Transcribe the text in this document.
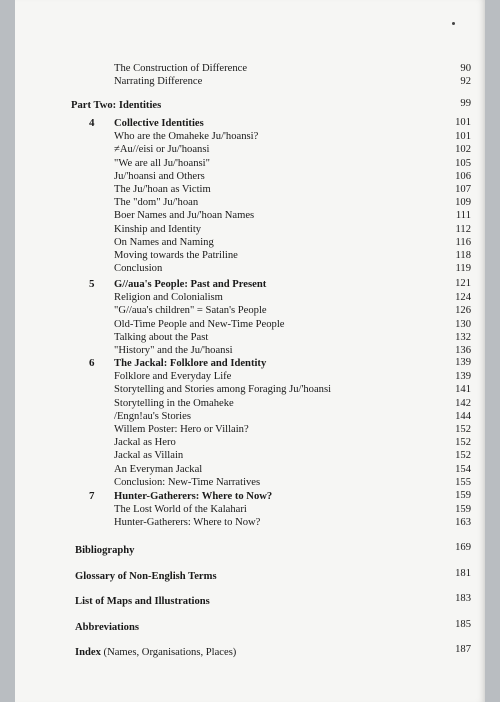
The Construction of Difference	90
Narrating Difference	92
Part Two: Identities	99
4 Collective Identities	101
Who are the Omaheke Ju/'hoansi?	101
≠Au//eisi or Ju/'hoansi	102
"We are all Ju/'hoansi"	105
Ju/'hoansi and Others	106
The Ju/'hoan as Victim	107
The "dom" Ju/'hoan	109
Boer Names and Ju/'hoan Names	111
Kinship and Identity	112
On Names and Naming	116
Moving towards the Patriline	118
Conclusion	119
5 G//aua's People: Past and Present	121
Religion and Colonialism	124
"G//aua's children" = Satan's People	126
Old-Time People and New-Time People	130
Talking about the Past	132
"History" and the Ju/'hoansi	136
6 The Jackal: Folklore and Identity	139
Folklore and Everyday Life	139
Storytelling and Stories among Foraging Ju/'hoansi	141
Storytelling in the Omaheke	142
/Engn!au's Stories	144
Willem Poster: Hero or Villain?	152
Jackal as Hero	152
Jackal as Villain	152
An Everyman Jackal	154
Conclusion: New-Time Narratives	155
7 Hunter-Gatherers: Where to Now?	159
The Lost World of the Kalahari	159
Hunter-Gatherers: Where to Now?	163
Bibliography	169
Glossary of Non-English Terms	181
List of Maps and Illustrations	183
Abbreviations	185
Index (Names, Organisations, Places)	187
